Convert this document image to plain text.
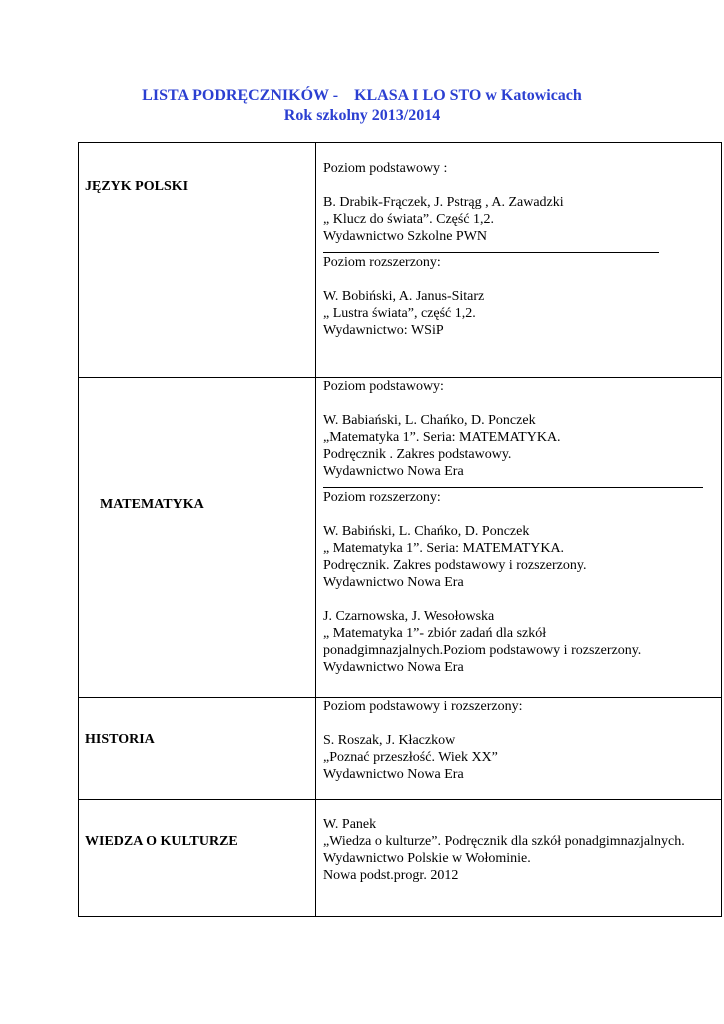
LISTA PODRĘCZNIKÓW - KLASA I LO STO w Katowicach
Rok szkolny 2013/2014
JĘZYK POLSKI
Poziom podstawowy :
B. Drabik-Frączek, J. Pstrąg , A. Zawadzki
„ Klucz do świata”. Część 1,2.
Wydawnictwo Szkolne PWN
Poziom rozszerzony:
W. Bobiński, A. Janus-Sitarz
„ Lustra świata”, część 1,2.
Wydawnictwo: WSiP
MATEMATYKA
Poziom podstawowy:
W. Babiański, L. Chańko, D. Ponczek
„Matematyka 1”. Seria: MATEMATYKA.
Podręcznik . Zakres podstawowy.
Wydawnictwo Nowa Era
Poziom rozszerzony:
W. Babiński, L. Chańko, D. Ponczek
„ Matematyka 1”. Seria: MATEMATYKA.
Podręcznik. Zakres podstawowy i rozszerzony.
Wydawnictwo Nowa Era
J. Czarnowska, J. Wesołowska
„ Matematyka 1”- zbiór zadań dla szkół
ponadgimnazjalnych.Poziom podstawowy i rozszerzony.
Wydawnictwo Nowa Era
HISTORIA
Poziom podstawowy i rozszerzony:
S. Roszak, J. Kłaczkow
„Poznać przeszłość. Wiek XX”
Wydawnictwo Nowa Era
WIEDZA O KULTURZE
W. Panek
„Wiedza o kulturze”. Podręcznik dla szkół ponadgimnazjalnych.
Wydawnictwo Polskie w Wołominie.
Nowa podst.progr. 2012
